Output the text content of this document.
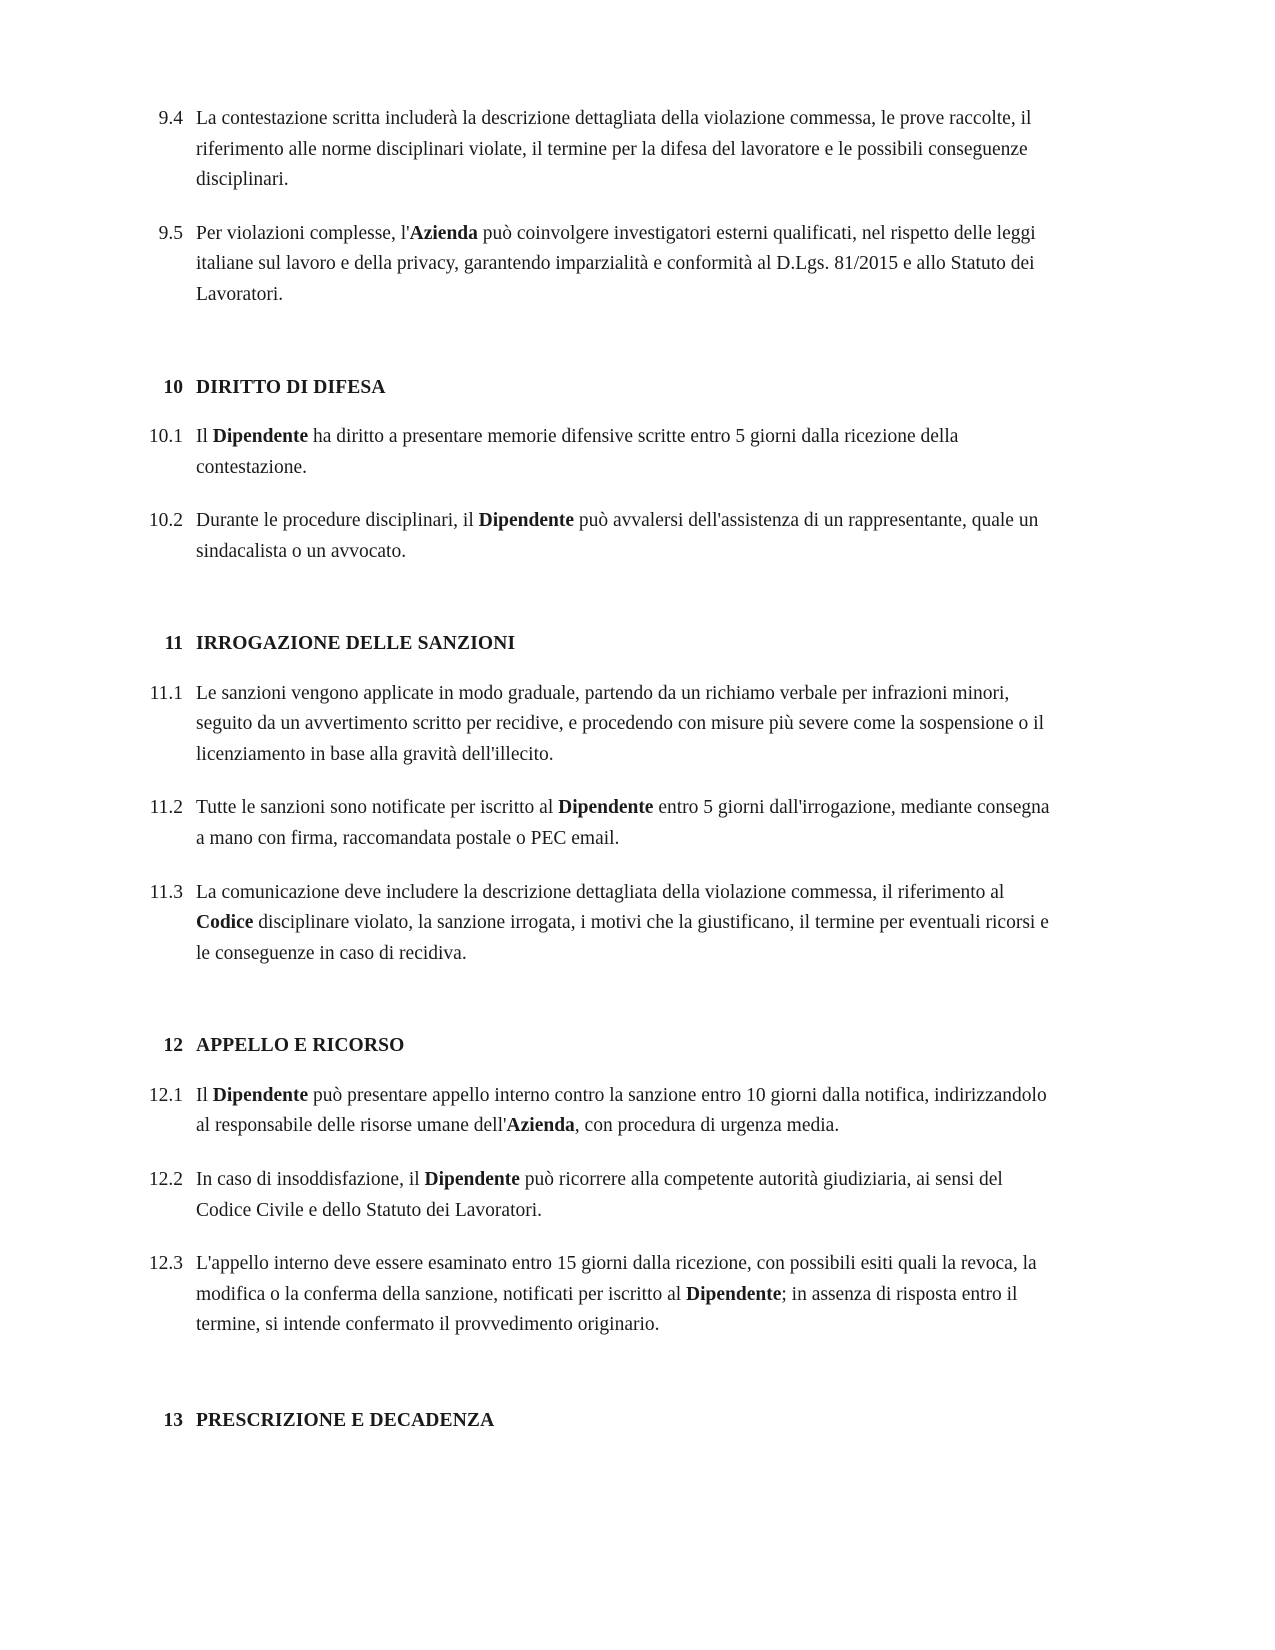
9.4 La contestazione scritta includerà la descrizione dettagliata della violazione commessa, le prove raccolte, il riferimento alle norme disciplinari violate, il termine per la difesa del lavoratore e le possibili conseguenze disciplinari.
9.5 Per violazioni complesse, l'Azienda può coinvolgere investigatori esterni qualificati, nel rispetto delle leggi italiane sul lavoro e della privacy, garantendo imparzialità e conformità al D.Lgs. 81/2015 e allo Statuto dei Lavoratori.
10 DIRITTO DI DIFESA
10.1 Il Dipendente ha diritto a presentare memorie difensive scritte entro 5 giorni dalla ricezione della contestazione.
10.2 Durante le procedure disciplinari, il Dipendente può avvalersi dell'assistenza di un rappresentante, quale un sindacalista o un avvocato.
11 IRROGAZIONE DELLE SANZIONI
11.1 Le sanzioni vengono applicate in modo graduale, partendo da un richiamo verbale per infrazioni minori, seguito da un avvertimento scritto per recidive, e procedendo con misure più severe come la sospensione o il licenziamento in base alla gravità dell'illecito.
11.2 Tutte le sanzioni sono notificate per iscritto al Dipendente entro 5 giorni dall'irrogazione, mediante consegna a mano con firma, raccomandata postale o PEC email.
11.3 La comunicazione deve includere la descrizione dettagliata della violazione commessa, il riferimento al Codice disciplinare violato, la sanzione irrogata, i motivi che la giustificano, il termine per eventuali ricorsi e le conseguenze in caso di recidiva.
12 APPELLO E RICORSO
12.1 Il Dipendente può presentare appello interno contro la sanzione entro 10 giorni dalla notifica, indirizzandolo al responsabile delle risorse umane dell'Azienda, con procedura di urgenza media.
12.2 In caso di insoddisfazione, il Dipendente può ricorrere alla competente autorità giudiziaria, ai sensi del Codice Civile e dello Statuto dei Lavoratori.
12.3 L'appello interno deve essere esaminato entro 15 giorni dalla ricezione, con possibili esiti quali la revoca, la modifica o la conferma della sanzione, notificati per iscritto al Dipendente; in assenza di risposta entro il termine, si intende confermato il provvedimento originario.
13 PRESCRIZIONE E DECADENZA
